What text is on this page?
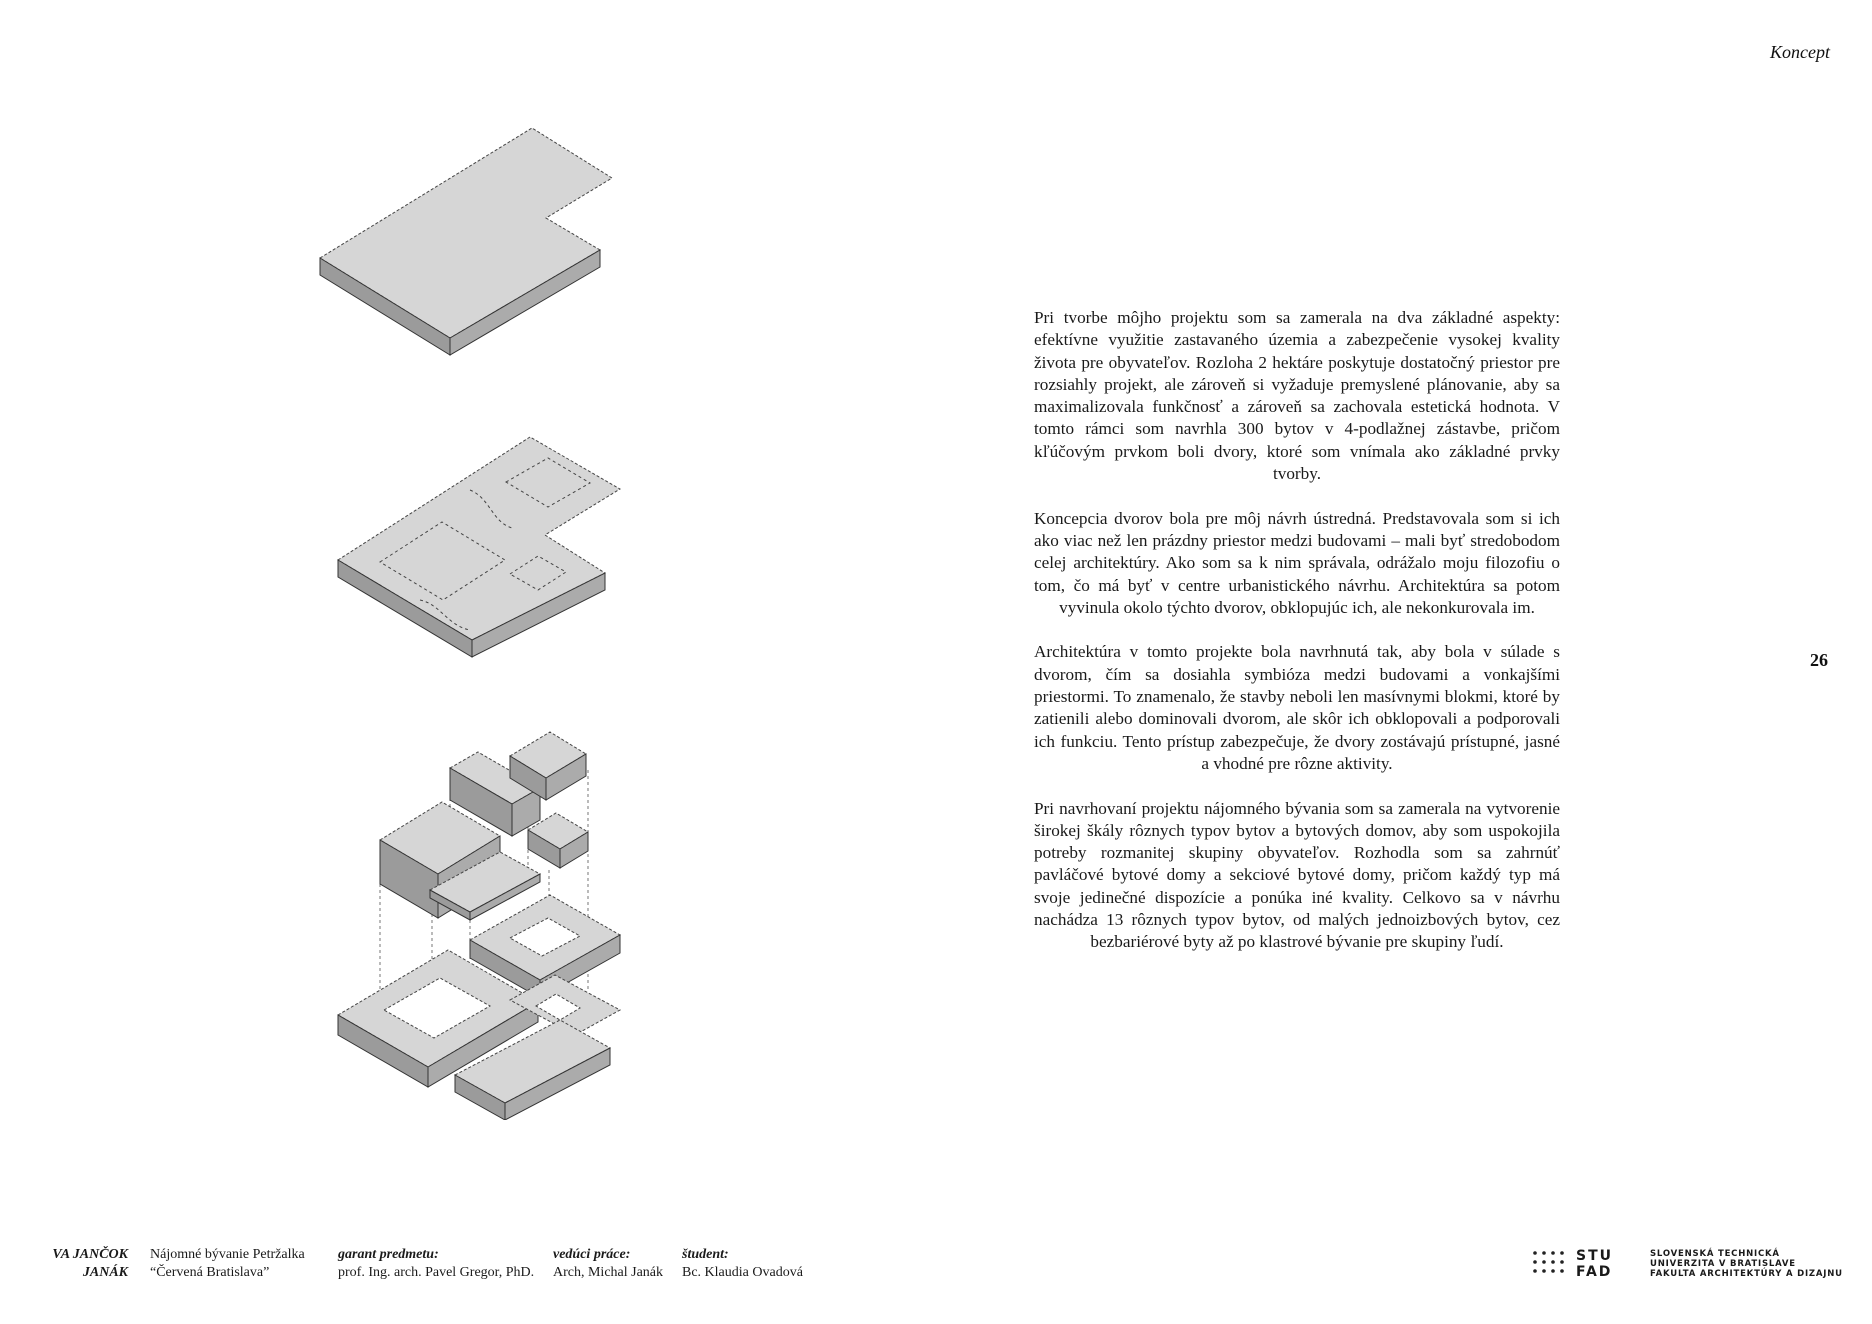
Koncept

Pri tvorbe môjho projektu som sa zamerala na dva základné aspekty: efektívne využitie zastavaného územia a zabezpečenie vysokej kvality života pre obyvateľov. Rozloha 2 hektáre poskytuje dostatočný priestor pre rozsiahly projekt, ale zároveň si vyžaduje premyslené plánovanie, aby sa maximalizovala funkčnosť a zároveň sa zachovala estetická hodnota. V tomto rámci som navrhla 300 bytov v 4-podlažnej zástavbe, pričom kľúčovým prvkom boli dvory, ktoré som vnímala ako základné prvky tvorby.

Koncepcia dvorov bola pre môj návrh ústredná. Predstavovala som si ich ako viac než len prázdny priestor medzi budovami – mali byť stredobodom celej architektúry. Ako som sa k nim správala, odrážalo moju filozofiu o tom, čo má byť v centre urbanistického návrhu. Architektúra sa potom vyvinula okolo týchto dvorov, obklopujúc ich, ale nekonkurovala im.

Architektúra v tomto projekte bola navrhnutá tak, aby bola v súlade s dvorom, čím sa dosiahla symbióza medzi budovami a vonkajšími priestormi. To znamenalo, že stavby neboli len masívnymi blokmi, ktoré by zatienili alebo dominovali dvorom, ale skôr ich obklopovali a podporovali ich funkciu. Tento prístup zabezpečuje, že dvory zostávajú prístupné, jasné a vhodné pre rôzne aktivity.

Pri navrhovaní projektu nájomného bývania som sa zamerala na vytvorenie širokej škály rôznych typov bytov a bytových domov, aby som uspokojila potreby rozmanitej skupiny obyvateľov. Rozhodla som sa zahrnúť pavláčové bytové domy a sekciové bytové domy, pričom každý typ má svoje jedinečné dispozície a ponúka iné kvality. Celkovo sa v návrhu nachádza 13 rôznych typov bytov, od malých jednoizbových bytov, cez bezbariérové byty až po klastrové bývanie pre skupiny ľudí.

26
VA JANČOK
JANÁK
Nájomné bývanie Petržalka
“Červená Bratislava”
garant predmetu:
prof. Ing. arch. Pavel Gregor, PhD.
vedúci práce:
Arch, Michal Janák
študent:
Bc. Klaudia Ovadová
STU
FAD
SLOVENSKÁ TECHNICKÁ
UNIVERZITA V BRATISLAVE
FAKULTA ARCHITEKTÚRY A DIZAJNU
